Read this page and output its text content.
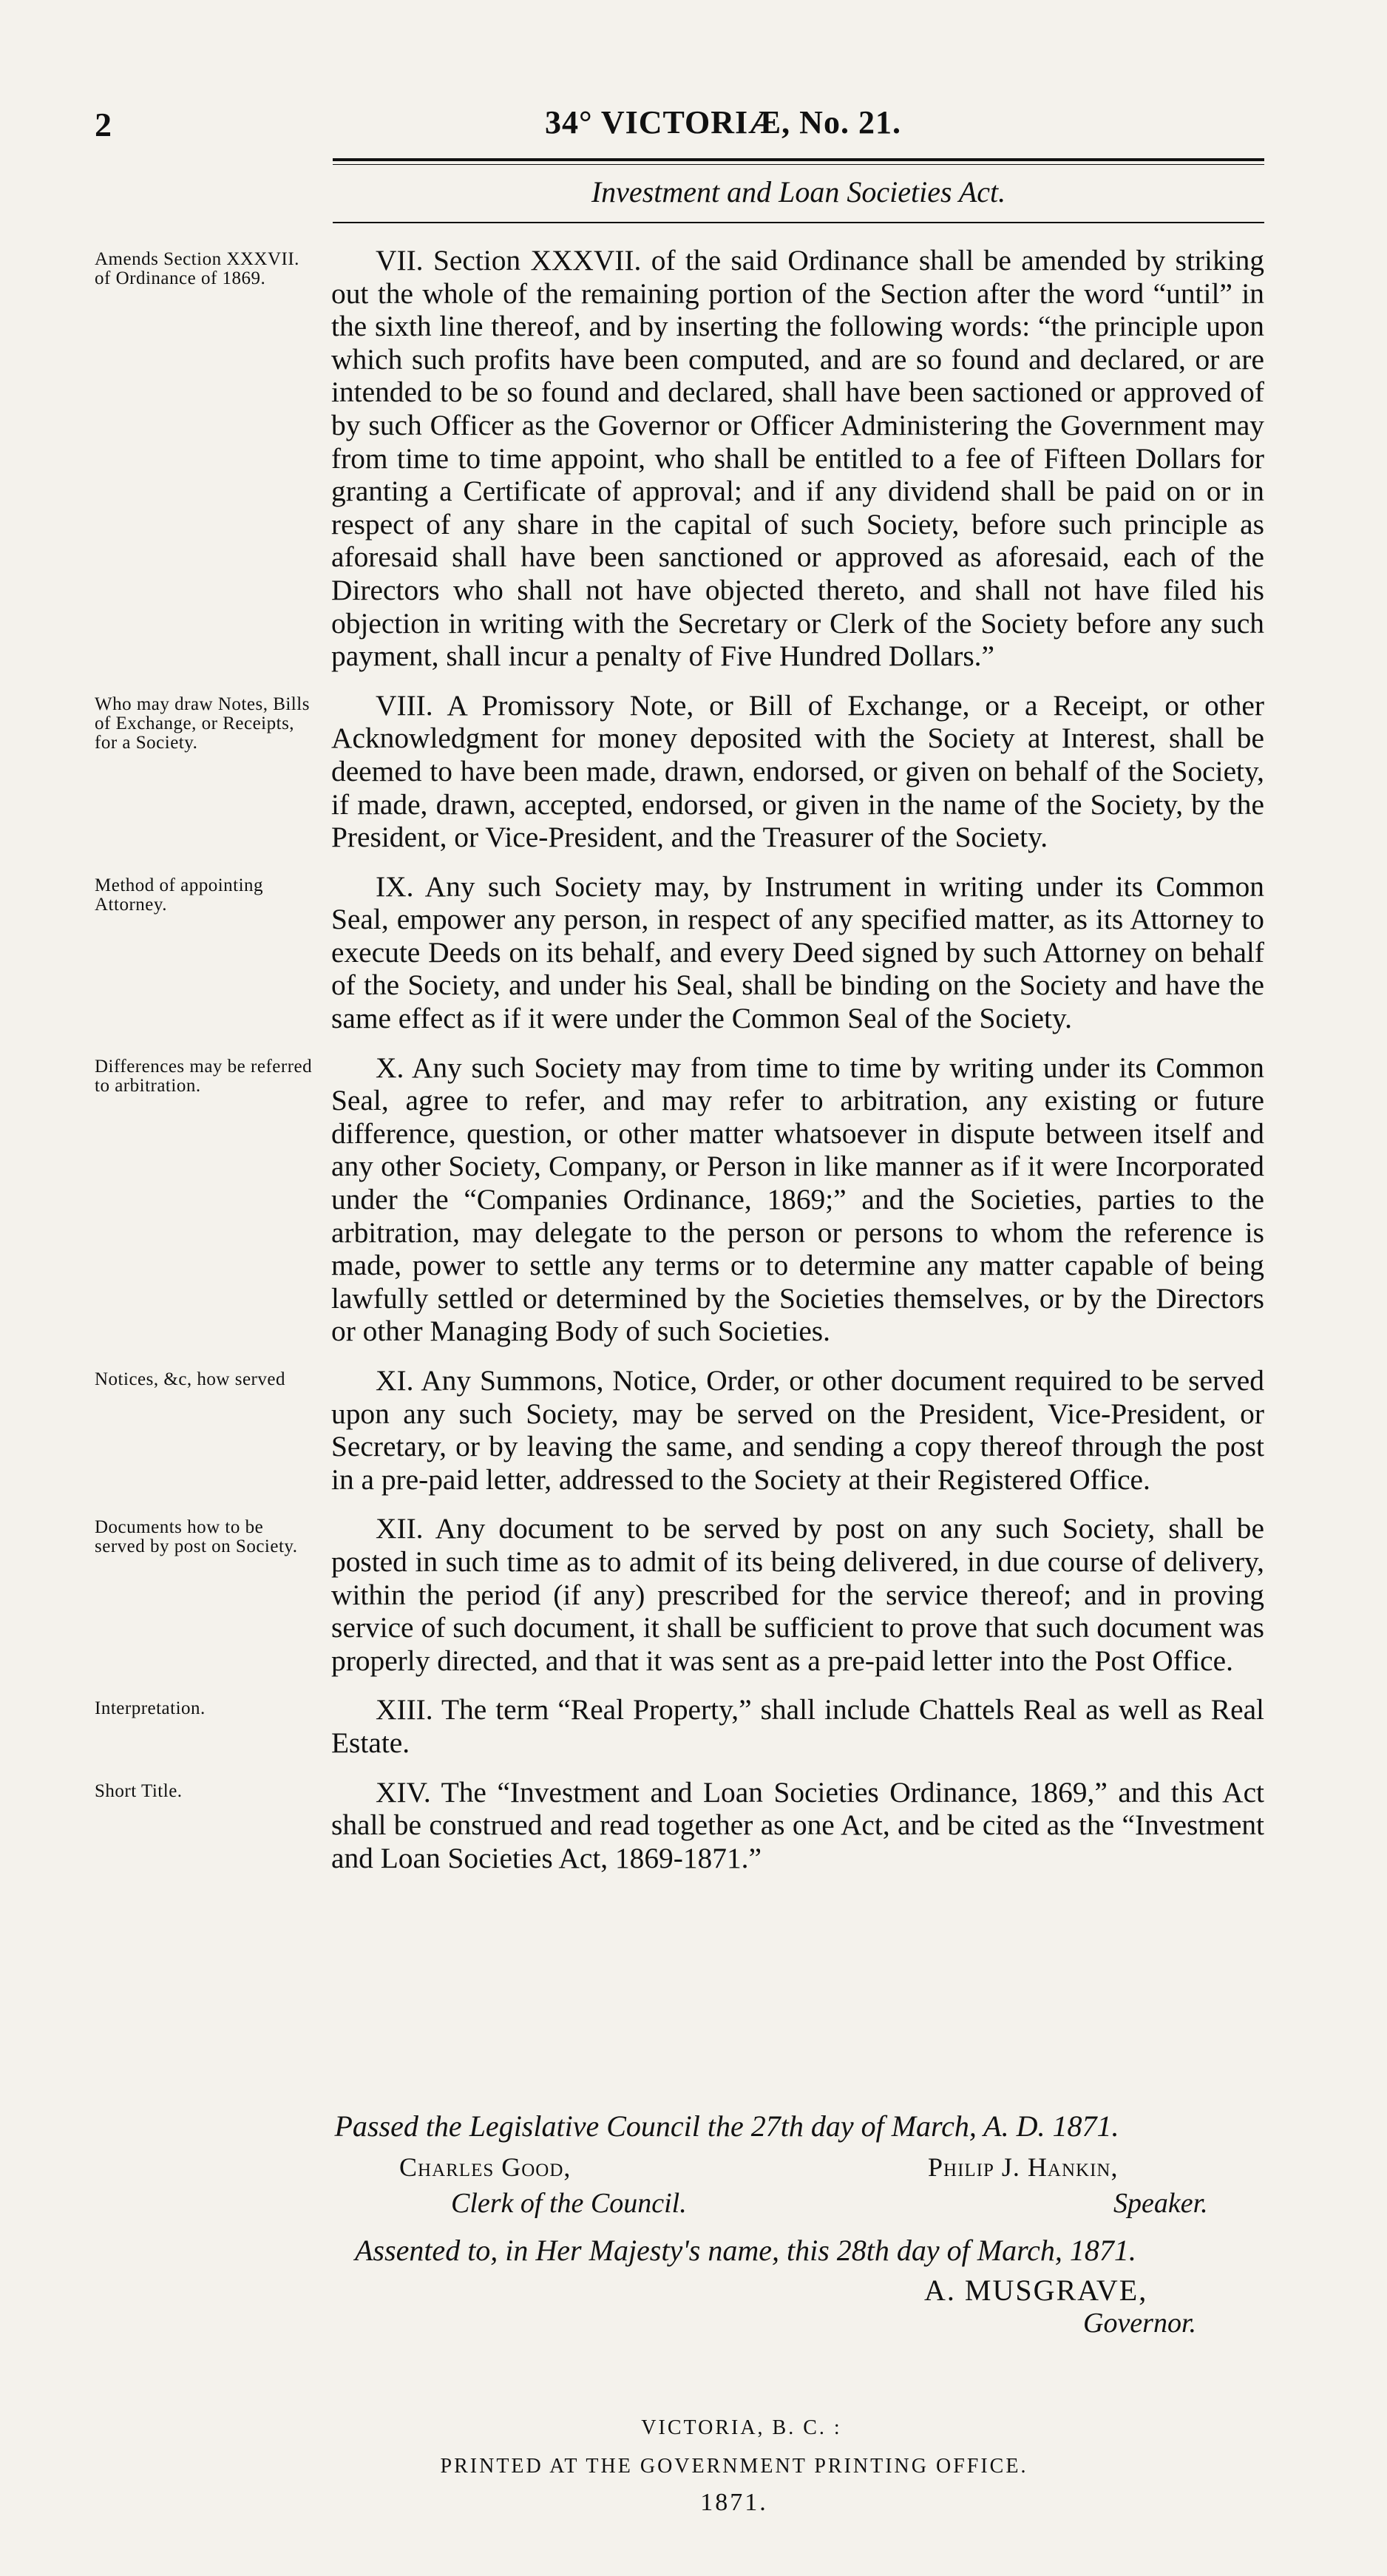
2	34° VICTORIÆ, No. 21.
Investment and Loan Societies Act.
Amends Section XXXVII. of Ordinance of 1869.
VII. Section XXXVII. of the said Ordinance shall be amended by striking out the whole of the remaining portion of the Section after the word “until” in the sixth line thereof, and by inserting the following words: “the principle upon which such profits have been computed, and are so found and declared, or are intended to be so found and declared, shall have been sactioned or approved of by such Officer as the Governor or Officer Administering the Government may from time to time appoint, who shall be entitled to a fee of Fifteen Dollars for granting a Certificate of approval; and if any dividend shall be paid on or in respect of any share in the capital of such Society, before such principle as aforesaid shall have been sanctioned or approved as aforesaid, each of the Directors who shall not have objected thereto, and shall not have filed his objection in writing with the Secretary or Clerk of the Society before any such payment, shall incur a penalty of Five Hundred Dollars.”
Who may draw Notes, Bills of Exchange, or Receipts, for a Society.
VIII. A Promissory Note, or Bill of Exchange, or a Receipt, or other Acknowledgment for money deposited with the Society at Interest, shall be deemed to have been made, drawn, endorsed, or given on behalf of the Society, if made, drawn, accepted, endorsed, or given in the name of the Society, by the President, or Vice-President, and the Treasurer of the Society.
Method of appointing Attorney.
IX. Any such Society may, by Instrument in writing under its Common Seal, empower any person, in respect of any specified matter, as its Attorney to execute Deeds on its behalf, and every Deed signed by such Attorney on behalf of the Society, and under his Seal, shall be binding on the Society and have the same effect as if it were under the Common Seal of the Society.
Differences may be referred to arbitration.
X. Any such Society may from time to time by writing under its Common Seal, agree to refer, and may refer to arbitration, any existing or future difference, question, or other matter whatsoever in dispute between itself and any other Society, Company, or Person in like manner as if it were Incorporated under the “Companies Ordinance, 1869;” and the Societies, parties to the arbitration, may delegate to the person or persons to whom the reference is made, power to settle any terms or to determine any matter capable of being lawfully settled or determined by the Societies themselves, or by the Directors or other Managing Body of such Societies.
Notices, &c, how served	XI. Any Summons, Notice, Order, or other document required to be served upon any such Society, may be served on the President, Vice-President, or Secretary, or by leaving the same, and sending a copy thereof through the post in a pre-paid letter, addressed to the Society at their Registered Office.
Documents how to be served by post on Society.
XII. Any document to be served by post on any such Society, shall be posted in such time as to admit of its being delivered, in due course of delivery, within the period (if any) prescribed for the service thereof; and in proving service of such document, it shall be sufficient to prove that such document was properly directed, and that it was sent as a pre-paid letter into the Post Office.
Interpretation.	XIII. The term “Real Property,” shall include Chattels Real as well as Real Estate.
Short Title.	XIV. The “Investment and Loan Societies Ordinance, 1869,” and this Act shall be construed and read together as one Act, and be cited as the “Investment and Loan Societies Act, 1869-1871.”
Passed the Legislative Council the 27th day of March, A. D. 1871.
Charles Good,
Clerk of the Council.
Philip J. Hankin,
Speaker.
Assented to, in Her Majesty's name, this 28th day of March, 1871.
A. MUSGRAVE,
Governor.
VICTORIA, B. C. :
PRINTED AT THE GOVERNMENT PRINTING OFFICE.
1871.
